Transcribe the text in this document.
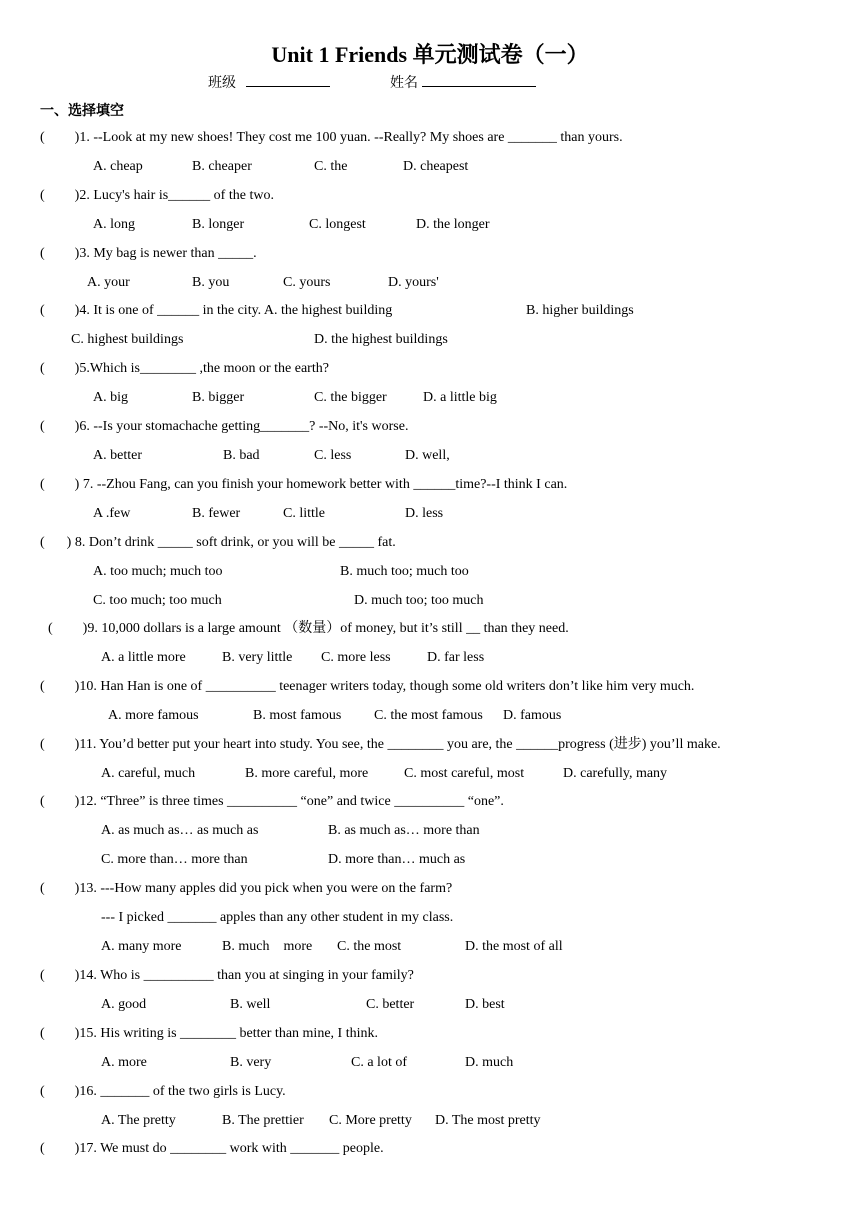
Unit 1 Friends 单元测试卷（一）
班级	姓名
一、选择填空
( )1. --Look at my new shoes! They cost me 100 yuan. --Really? My shoes are _______ than yours.
A. cheap	B. cheaper	C. the	D. cheapest
( )2. Lucy's hair is______ of the two.
A. long	B. longer	C. longest	D. the longer
( )3. My bag is newer than _____.
A. your	B. you	C. yours	D. yours'
( )4. It is one of ______ in the city. A. the highest building	B. higher buildings
C. highest buildings	D. the highest buildings
( )5.Which is________ ,the moon or the earth?
A. big	B. bigger	C. the bigger	D. a little big
( )6. --Is your stomachache getting_______? --No, it's worse.
A. better	B. bad	C. less	D. well,
( ) 7. --Zhou Fang, can you finish your homework better with ______time?--I think I can.
A .few	B. fewer	C. little	D. less
( ) 8. Don’t drink _____ soft drink, or you will be _____ fat.
A. too much; much too	B. much too; much too
C. too much; too much	D. much too; too much
( )9. 10,000 dollars is a large amount （数量）of money, but it’s still __ than they need.
A. a little more	B. very little C. more less	D. far less
( )10. Han Han is one of __________ teenager writers today, though some old writers don’t like him very much.
A. more famous	B. most famous C. the most famous D. famous
( )11. You’d better put your heart into study. You see, the ________ you are, the ______progress (进步) you’ll make.
A. careful, much	B. more careful, more	C. most careful, most	D. carefully, many
( )12. “Three” is three times __________ “one” and twice __________ “one”.
A. as much as… as much as	B. as much as… more than
C. more than… more than	D. more than… much as
( )13. ---How many apples did you pick when you were on the farm?
--- I picked _______ apples than any other student in my class.
A. many more	B. much    more C. the most	D. the most of all
( )14. Who is __________ than you at singing in your family?
A. good	B. well	C. better	D. best
( )15. His writing is ________ better than mine, I think.
A. more	B. very	C. a lot of	D. much
( )16. _______ of the two girls is Lucy.
A. The pretty	B. The prettier C. More pretty D. The most pretty
( )17. We must do ________ work with _______ people.
